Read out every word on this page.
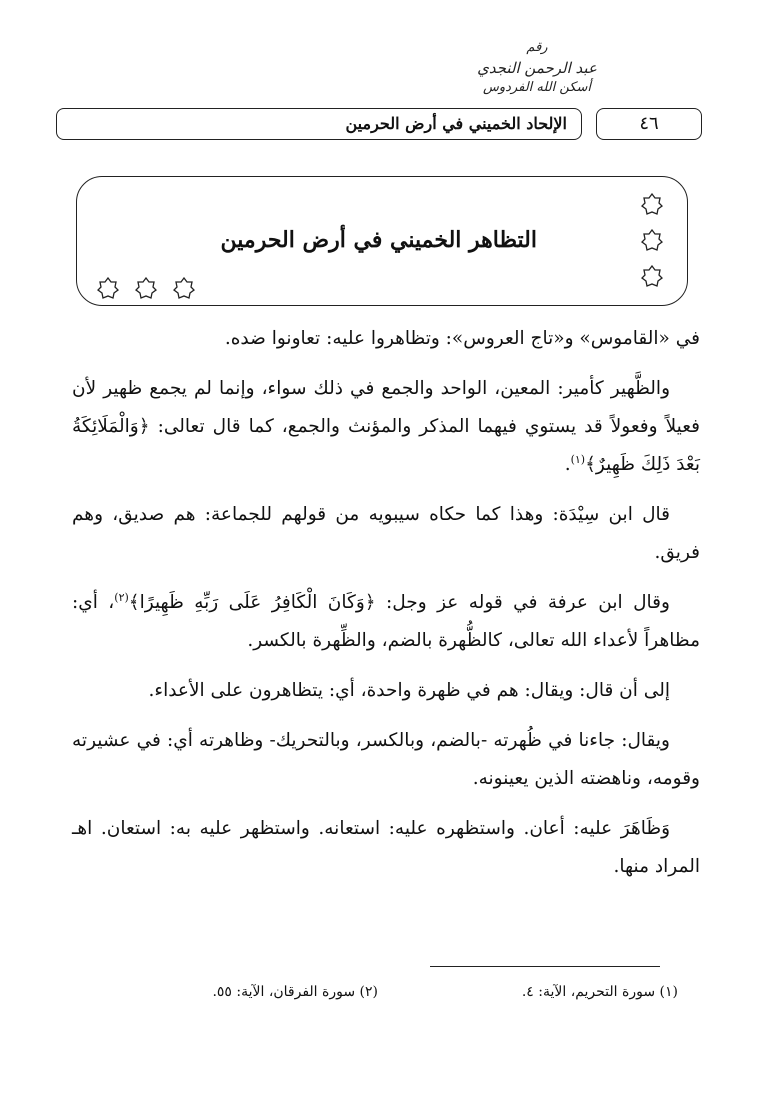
رقم
عبد الرحمن النجدي
أسكن الله الفردوس
الإلحاد الخميني في أرض الحرمين	٤٦
التظاهر الخميني في أرض الحرمين

في «القاموس» و«تاج العروس»: وتظاهروا عليه: تعاونوا ضده.

والظَّهير كأمير: المعين، الواحد والجمع في ذلك سواء، وإنما لم يجمع ظهير لأن فعيلاً وفعولاً قد يستوي فيهما المذكر والمؤنث والجمع، كما قال تعالى: ﴿وَالْمَلَائِكَةُ بَعْدَ ذَلِكَ ظَهِيرٌ﴾$^{(١)}$.

قال ابن سِيْدَة: وهذا كما حكاه سيبويه من قولهم للجماعة: هم صديق، وهم فريق.

وقال ابن عرفة في قوله عز وجل: ﴿وَكَانَ الْكَافِرُ عَلَى رَبِّهِ ظَهِيرًا﴾$^{(٢)}$، أي: مظاهراً لأعداء الله تعالى، كالظُّهرة بالضم، والظِّهرة بالكسر.

إلى أن قال: ويقال: هم في ظهرة واحدة، أي: يتظاهرون على الأعداء.

ويقال: جاءنا في ظُهرته -بالضم، وبالكسر، وبالتحريك- وظاهرته أي: في عشيرته وقومه، وناهضته الذين يعينونه.

وَظَاهَرَ عليه: أعان. واستظهره عليه: استعانه. واستظهر عليه به: استعان. اهـ المراد منها.

(١) سورة التحريم، الآية: ٤.
(٢) سورة الفرقان، الآية: ٥٥.
